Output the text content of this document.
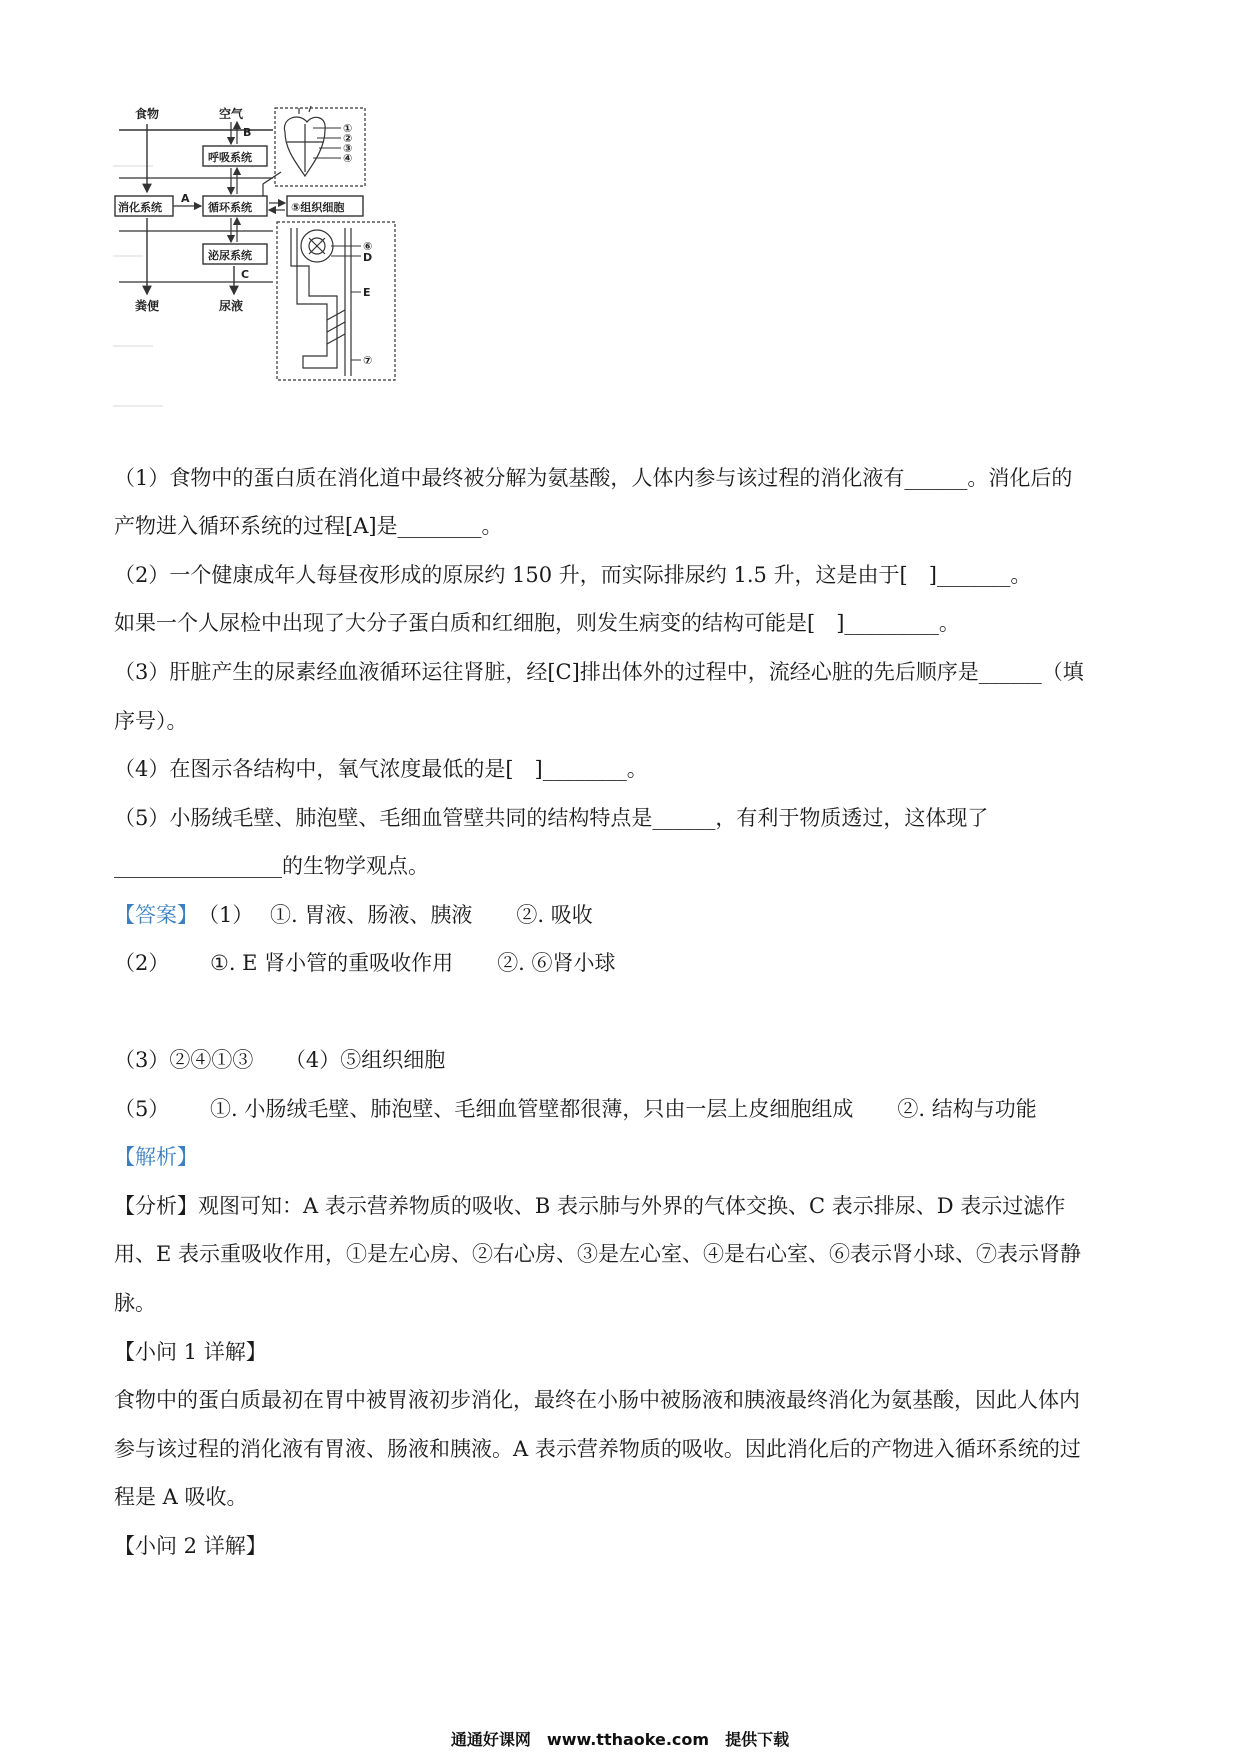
食物	空气
B
呼吸系统
消化系统
A
循环系统	⑤组织细胞
泌尿系统
C
粪便	尿液
①
②
③
④
⑥
D
E
⑦
（1）食物中的蛋白质在消化道中最终被分解为氨基酸，人体内参与该过程的消化液有______。消化后的
产物进入循环系统的过程[A]是________。
（2）一个健康成年人每昼夜形成的原尿约 150 升，而实际排尿约 1.5 升，这是由于[　]_______。
如果一个人尿检中出现了大分子蛋白质和红细胞，则发生病变的结构可能是[　]_________。
（3）肝脏产生的尿素经血液循环运往肾脏，经[C]排出体外的过程中，流经心脏的先后顺序是______（填
序号）。
（4）在图示各结构中，氧气浓度最低的是[　]________。
（5）小肠绒毛壁、肺泡壁、毛细血管壁共同的结构特点是______，有利于物质透过，这体现了
________________的生物学观点。
【答案】（1） ①. 胃液、肠液、胰液 ②. 吸收
（2） ①. E 肾小管的重吸收作用 ②. ⑥肾小球
（3）②④①③　　（4）⑤组织细胞
（5） ①. 小肠绒毛壁、肺泡壁、毛细血管壁都很薄，只由一层上皮细胞组成 ②. 结构与功能
【解析】
【分析】观图可知：A 表示营养物质的吸收、B 表示肺与外界的气体交换、C 表示排尿、D 表示过滤作
用、E 表示重吸收作用，①是左心房、②右心房、③是左心室、④是右心室、⑥表示肾小球、⑦表示肾静
脉。
【小问 1 详解】
食物中的蛋白质最初在胃中被胃液初步消化，最终在小肠中被肠液和胰液最终消化为氨基酸，因此人体内
参与该过程的消化液有胃液、肠液和胰液。A 表示营养物质的吸收。因此消化后的产物进入循环系统的过
程是 A 吸收。
【小问 2 详解】
通通好课网　www.tthaoke.com　提供下载
